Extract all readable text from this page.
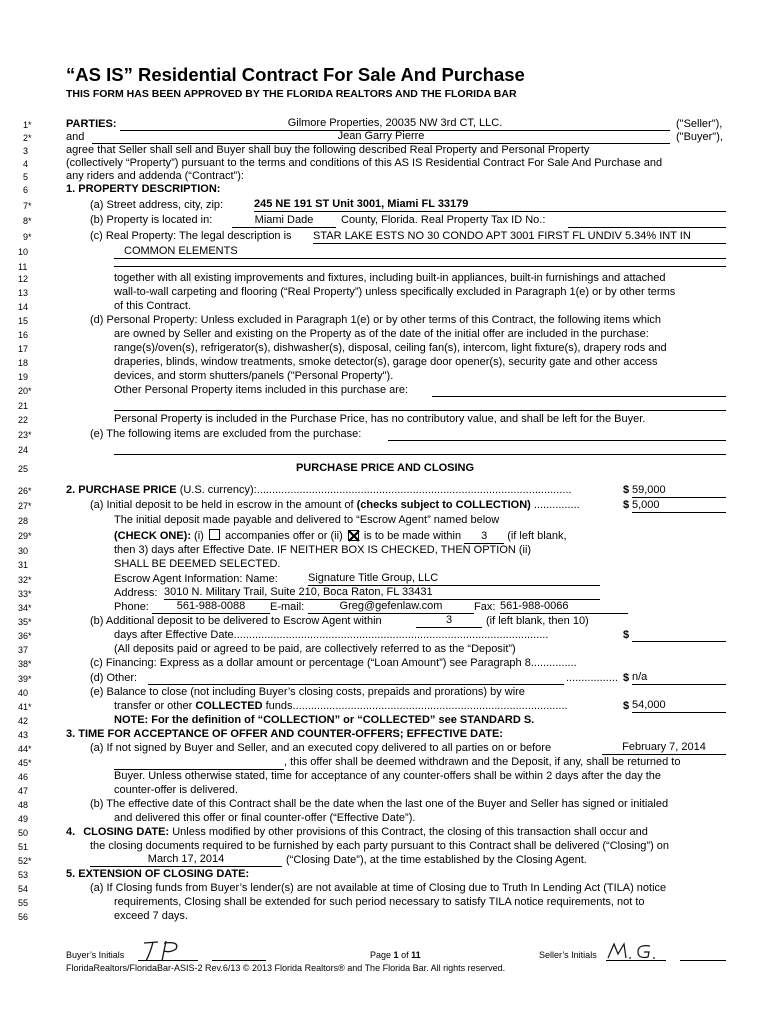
“AS IS” Residential Contract For Sale And Purchase
THIS FORM HAS BEEN APPROVED BY THE FLORIDA REALTORS AND THE FLORIDA BAR
1*
2*
3
4
5
6
7*
8*
9*
10
11
12
13
14
15
16
17
18
19
20*
21
22
23*
24
25
26*
27*
28
29*
30
31
32*
33*
34*
35*
36*
37
38*
39*
40
41*
42
43
44*
45*
46
47
48
49
50
51
52*
53
54
55
56
PARTIES:	Gilmore Properties, 20035 NW 3rd CT, LLC.	("Seller"),
and	Jean Garry Pierre	("Buyer"),
agree that Seller shall sell and Buyer shall buy the following described Real Property and Personal Property
(collectively “Property”) pursuant to the terms and conditions of this AS IS Residential Contract For Sale And Purchase and
any riders and addenda (“Contract”):
1. PROPERTY DESCRIPTION:
(a) Street address, city, zip:	245 NE 191 ST Unit 3001, Miami FL 33179
(b) Property is located in:	Miami Dade	County, Florida. Real Property Tax ID No.:
(c) Real Property: The legal description is STAR LAKE ESTS NO 30 CONDO APT 3001 FIRST FL UNDIV 5.34% INT IN
COMMON ELEMENTS
together with all existing improvements and fixtures, including built-in appliances, built-in furnishings and attached
wall-to-wall carpeting and flooring (“Real Property”) unless specifically excluded in Paragraph 1(e) or by other terms
of this Contract.
(d) Personal Property: Unless excluded in Paragraph 1(e) or by other terms of this Contract, the following items which
are owned by Seller and existing on the Property as of the date of the initial offer are included in the purchase:
range(s)/oven(s), refrigerator(s), dishwasher(s), disposal, ceiling fan(s), intercom, light fixture(s), drapery rods and
draperies, blinds, window treatments, smoke detector(s), garage door opener(s), security gate and other access
devices, and storm shutters/panels ("Personal Property").
Other Personal Property items included in this purchase are:
Personal Property is included in the Purchase Price, has no contributory value, and shall be left for the Buyer.
(e) The following items are excluded from the purchase:
PURCHASE PRICE AND CLOSING
2. PURCHASE PRICE (U.S. currency):.......................................................................................................	$ 59,000
(a) Initial deposit to be held in escrow in the amount of (checks subject to COLLECTION) ...............	$ 5,000
The initial deposit made payable and delivered to “Escrow Agent” named below
(CHECK ONE): (i)  accompanies offer or (ii)
is to be made within 3 (if left blank,
then 3) days after Effective Date. IF NEITHER BOX IS CHECKED, THEN OPTION (ii)
SHALL BE DEEMED SELECTED.
Escrow Agent Information: Name:	Signature Title Group, LLC
Address: 3010 N. Military Trail, Suite 210, Boca Raton, FL 33431
Phone:	561-988-0088	E-mail:	Greg@gefenlaw.com	Fax: 561-988-0066
(b) Additional deposit to be delivered to Escrow Agent within	3	(if left blank, then 10)
days after Effective Date.......................................................................................................	$
(All deposits paid or agreed to be paid, are collectively referred to as the “Deposit”)
(c) Financing: Express as a dollar amount or percentage (“Loan Amount”) see Paragraph 8...............
(d) Other:	................. $ n/a
(e) Balance to close (not including Buyer’s closing costs, prepaids and prorations) by wire
transfer or other COLLECTED funds..........................................................................................	$ 54,000
NOTE: For the definition of “COLLECTION” or “COLLECTED” see STANDARD S.
3. TIME FOR ACCEPTANCE OF OFFER AND COUNTER-OFFERS; EFFECTIVE DATE:
(a) If not signed by Buyer and Seller, and an executed copy delivered to all parties on or before	February 7, 2014
, this offer shall be deemed withdrawn and the Deposit, if any, shall be returned to
Buyer. Unless otherwise stated, time for acceptance of any counter-offers shall be within 2 days after the day the
counter-offer is delivered.
(b) The effective date of this Contract shall be the date when the last one of the Buyer and Seller has signed or initialed
and delivered this offer or final counter-offer (“Effective Date”).
4. CLOSING DATE: Unless modified by other provisions of this Contract, the closing of this transaction shall occur and
the closing documents required to be furnished by each party pursuant to this Contract shall be delivered (“Closing”) on
March 17, 2014	(“Closing Date”), at the time established by the Closing Agent.
5. EXTENSION OF CLOSING DATE:
(a) If Closing funds from Buyer’s lender(s) are not available at time of Closing due to Truth In Lending Act (TILA) notice
requirements, Closing shall be extended for such period necessary to satisfy TILA notice requirements, not to
exceed 7 days.
Buyer’s Initials	Page 1 of 11	Seller’s Initials
FloridaRealtors/FloridaBar-ASIS-2 Rev.6/13 © 2013 Florida Realtors® and The Florida Bar. All rights reserved.
